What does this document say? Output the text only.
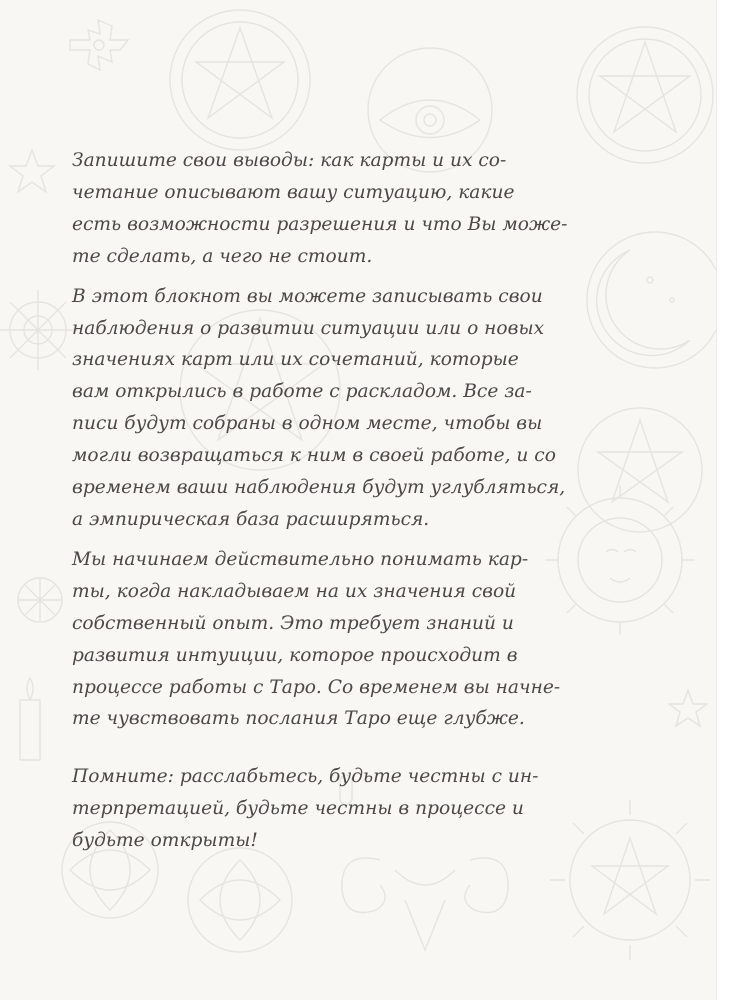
Запишите свои выводы: как карты и их со-
четание описывают вашу ситуацию, какие
есть возможности разрешения и что Вы може-
те сделать, а чего не стоит.

В этот блокнот вы можете записывать свои
наблюдения о развитии ситуации или о новых
значениях карт или их сочетаний, которые
вам открылись в работе с раскладом. Все за-
писи будут собраны в одном месте, чтобы вы
могли возвращаться к ним в своей работе, и со
временем ваши наблюдения будут углубляться,
а эмпирическая база расширяться.

Мы начинаем действительно понимать кар-
ты, когда накладываем на их значения свой
собственный опыт. Это требует знаний и
развития интуиции, которое происходит в
процессе работы с Таро. Со временем вы начне-
те чувствовать послания Таро еще глубже.

Помните: расслабьтесь, будьте честны с ин-
терпретацией, будьте честны в процессе и
будьте открыты!
